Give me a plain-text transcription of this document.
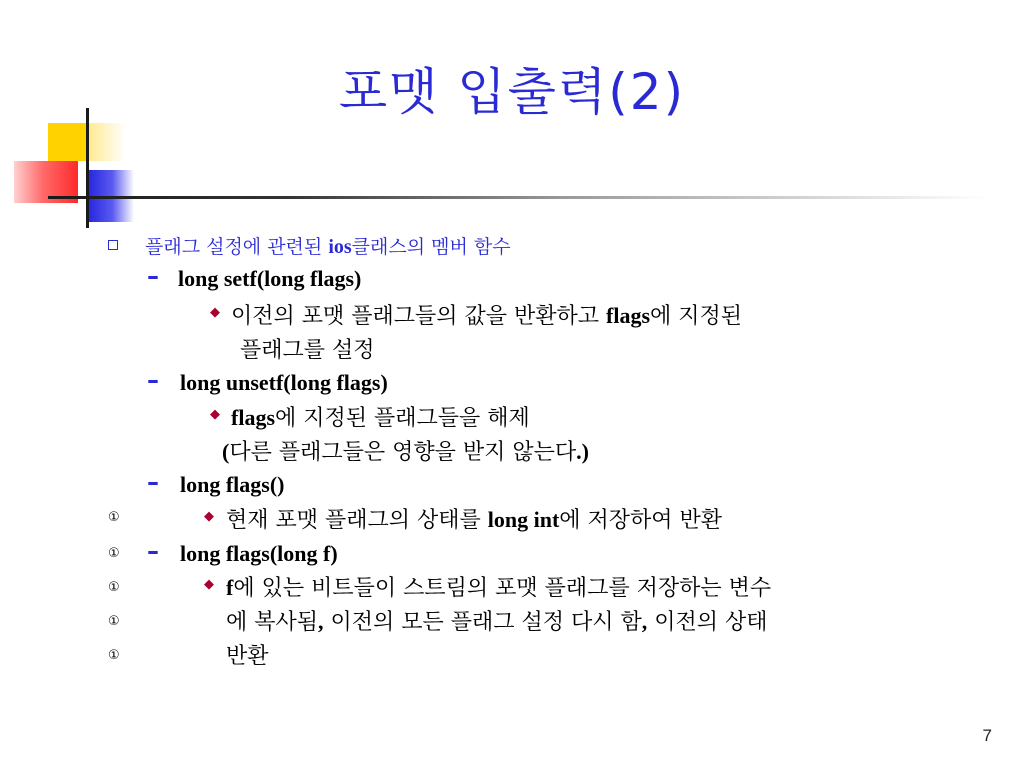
포맷 입출력(2)
플래그 설정에 관련된 ios클래스의 멤버 함수
– long setf(long flags)
◆ 이전의 포맷 플래그들의 값을 반환하고 flags에 지정된
플래그를 설정
– long unsetf(long flags)
◆ flags에 지정된 플래그들을 해제
(다른 플래그들은 영향을 받지 않는다.)
– long flags()
①	◆ 현재 포맷 플래그의 상태를 long int에 저장하여 반환
① – long flags(long f)
①	◆ f에 있는 비트들이 스트림의 포맷 플래그를 저장하는 변수
①	에 복사됨, 이전의 모든 플래그 설정 다시 함, 이전의 상태
①	반환
7
